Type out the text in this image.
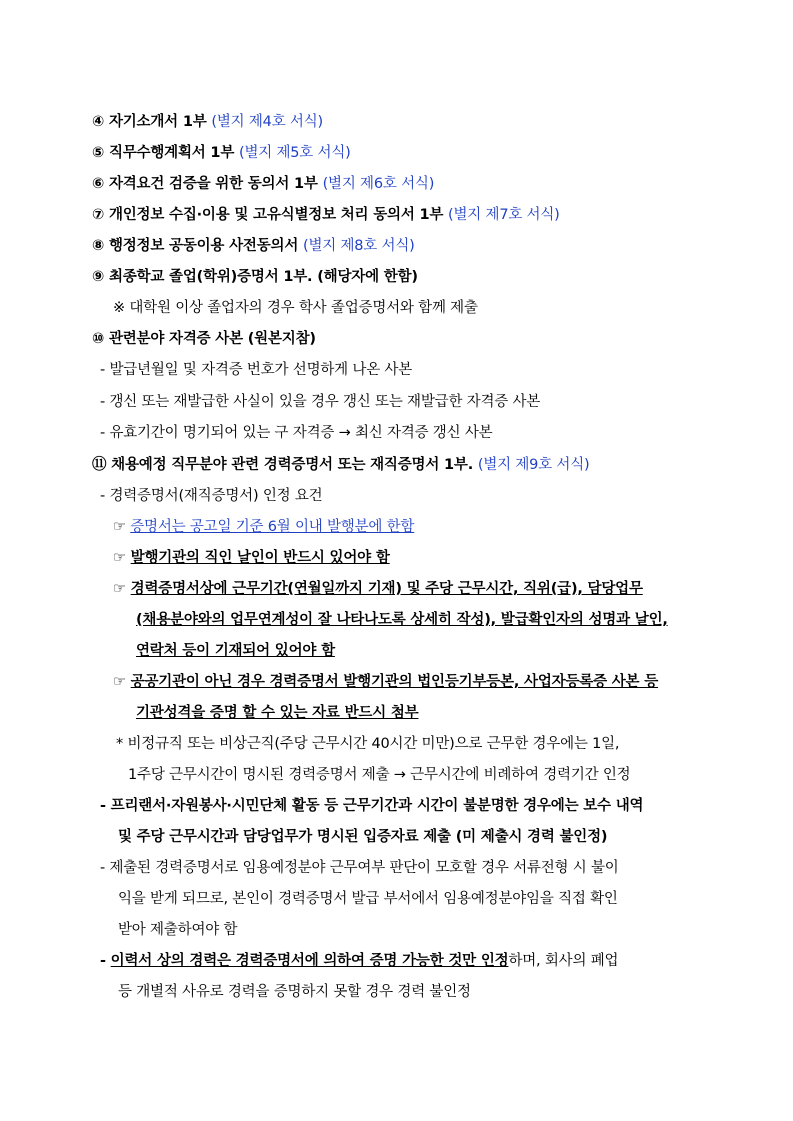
④ 자기소개서 1부 (별지 제4호 서식)
⑤ 직무수행계획서 1부 (별지 제5호 서식)
⑥ 자격요건 검증을 위한 동의서 1부 (별지 제6호 서식)
⑦ 개인정보 수집·이용 및 고유식별정보 처리 동의서 1부 (별지 제7호 서식)
⑧ 행정정보 공동이용 사전동의서 (별지 제8호 서식)
⑨ 최종학교 졸업(학위)증명서 1부. (해당자에 한함)
※ 대학원 이상 졸업자의 경우 학사 졸업증명서와 함께 제출
⑩ 관련분야 자격증 사본 (원본지참)
- 발급년월일 및 자격증 번호가 선명하게 나온 사본
- 갱신 또는 재발급한 사실이 있을 경우 갱신 또는 재발급한 자격증 사본
- 유효기간이 명기되어 있는 구 자격증 → 최신 자격증 갱신 사본
⑪ 채용예정 직무분야 관련 경력증명서 또는 재직증명서 1부. (별지 제9호 서식)
- 경력증명서(재직증명서) 인정 요건
☞ 증명서는 공고일 기준 6월 이내 발행분에 한함
☞ 발행기관의 직인 날인이 반드시 있어야 함
☞ 경력증명서상에 근무기간(연월일까지 기재) 및 주당 근무시간, 직위(급), 담당업무
(채용분야와의 업무연계성이 잘 나타나도록 상세히 작성), 발급확인자의 성명과 날인,
연락처 등이 기재되어 있어야 함
☞ 공공기관이 아닌 경우 경력증명서 발행기관의 법인등기부등본, 사업자등록증 사본 등
기관성격을 증명 할 수 있는 자료 반드시 첨부
* 비정규직 또는 비상근직(주당 근무시간 40시간 미만)으로 근무한 경우에는 1일,
1주당 근무시간이 명시된 경력증명서 제출 → 근무시간에 비례하여 경력기간 인정
- 프리랜서·자원봉사·시민단체 활동 등 근무기간과 시간이 불분명한 경우에는 보수 내역
및 주당 근무시간과 담당업무가 명시된 입증자료 제출 (미 제출시 경력 불인정)
- 제출된 경력증명서로 임용예정분야 근무여부 판단이 모호할 경우 서류전형 시 불이
익을 받게 되므로, 본인이 경력증명서 발급 부서에서 임용예정분야임을 직접 확인
받아 제출하여야 함
- 이력서 상의 경력은 경력증명서에 의하여 증명 가능한 것만 인정하며, 회사의 폐업
등 개별적 사유로 경력을 증명하지 못할 경우 경력 불인정
